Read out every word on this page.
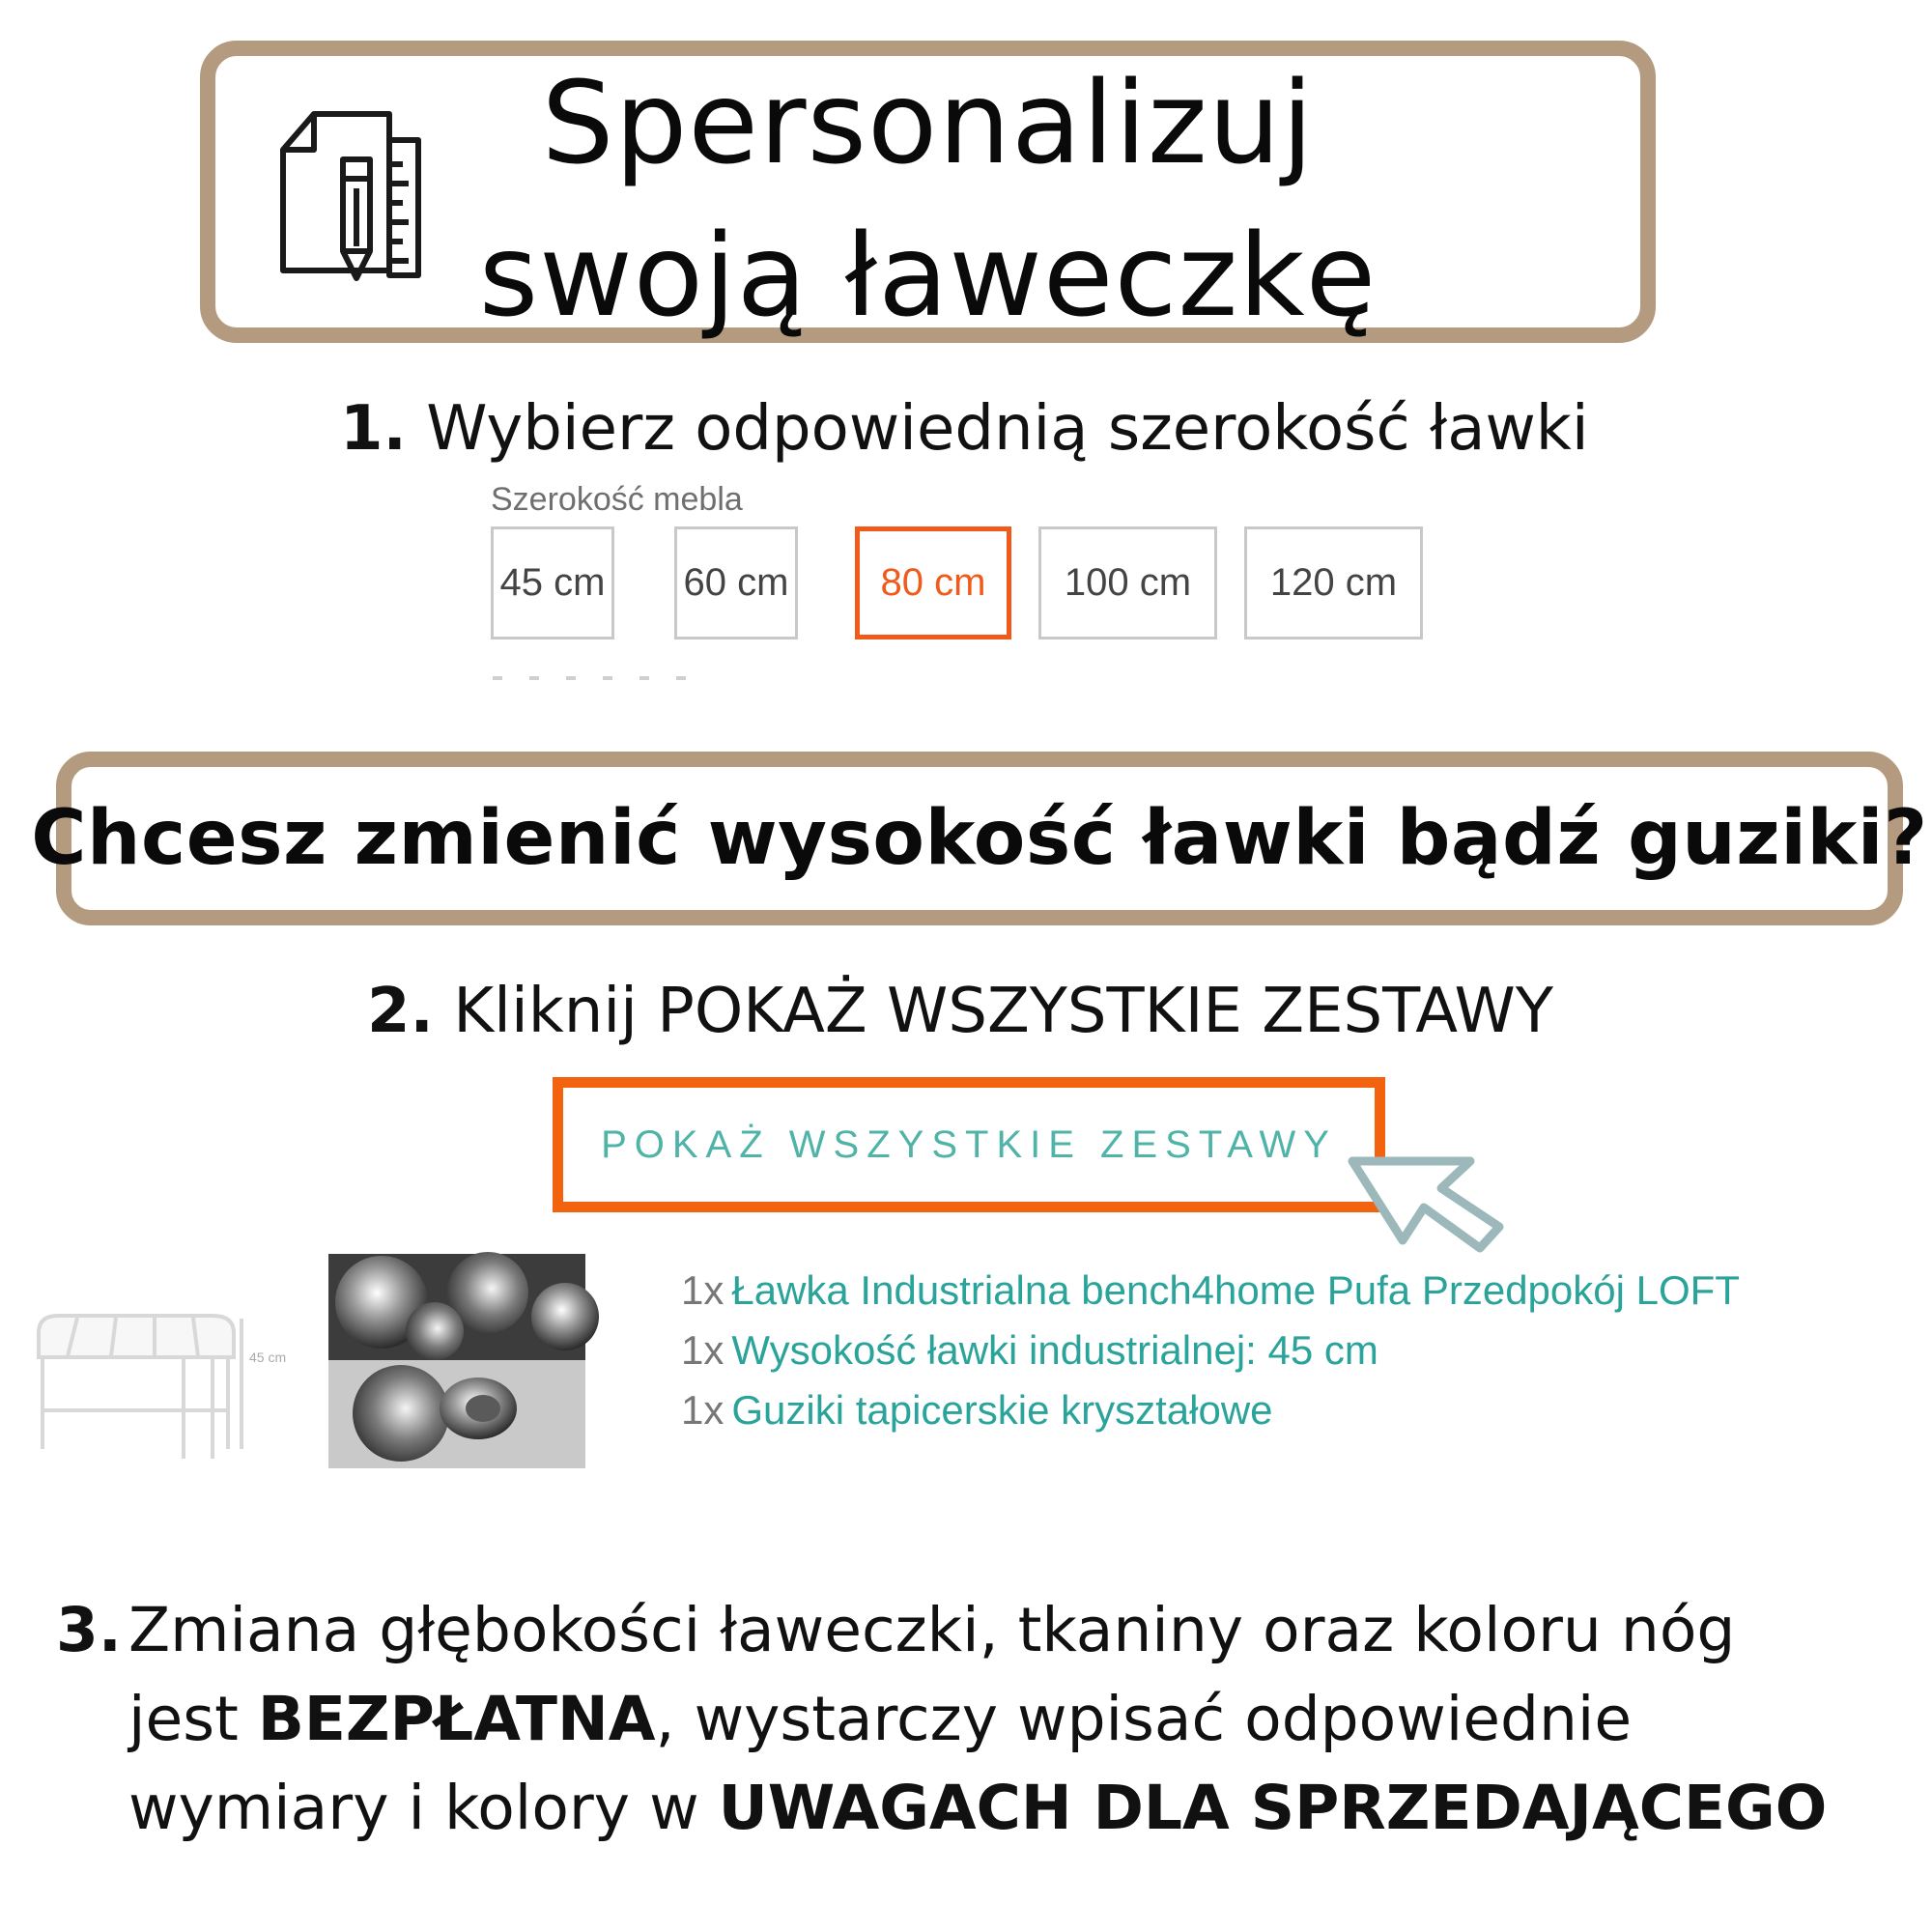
Spersonalizuj
swoją ławeczkę
1. Wybierz odpowiednią szerokość ławki
Szerokość mebla
45 cm 60 cm	80 cm	100 cm	120 cm
Chcesz zmienić wysokość ławki bądź guziki?
2. Kliknij POKAŻ WSZYSTKIE ZESTAWY
POKAŻ WSZYSTKIE ZESTAWY
45 cm
1x Ławka Industrialna bench4home Pufa Przedpokój LOFT
1x Wysokość ławki industrialnej: 45 cm
1x Guziki tapicerskie kryształowe
3. Zmiana głębokości ławeczki, tkaniny oraz koloru nóg
jest BEZPŁATNA, wystarczy wpisać odpowiednie
wymiary i kolory w UWAGACH DLA SPRZEDAJĄCEGO
